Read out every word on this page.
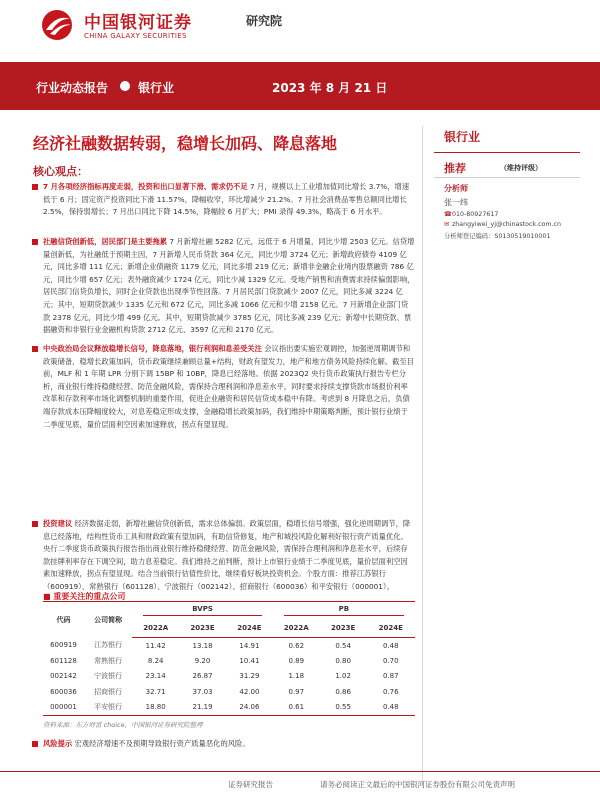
中国银河证券
CHINA GALAXY SECURITIES
研究院
行业动态报告 银行业	2023 年 8 月 21 日
经济社融数据转弱，稳增长加码、降息落地
核心观点：
7 月各项经济指标再度走弱，投资和出口显著下滑、需求仍不足 7 月，规模以上工业增加值同比增长 3.7%，增速低于 6 月；固定资产投资同比下滑 11.57%，降幅收窄，环比增减少 21.2%。7 月社会消费品零售总额同比增长 2.5%，保持弱增长；7 月出口同比下降 14.5%，降幅较 6 月扩大；PMI 录得 49.3%，略高于 6 月水平。
社融信贷创新低，居民部门是主要拖累 7 月新增社融 5282 亿元，远低于 6 月增量，同比少增 2503 亿元。信贷增量创新低，为社融低于预期主因，7 月新增人民币贷款 364 亿元，同比少增 3724 亿元；新增政府债券 4109 亿元，同比多增 111 亿元；新增企业债融资 1179 亿元，同比多增 219 亿元；新增非金融企业境内股票融资 786 亿元，同比少增 657 亿元；表外融资减少 1724 亿元，同比少减 1329 亿元。受地产销售和消费需求持续偏弱影响，居民部门信贷负增长，同时企业贷款也出现季节性回落。7 月居民部门贷款减少 2007 亿元，同比多减 3224 亿元；其中，短期贷款减少 1335 亿元和 672 亿元，同比多减 1066 亿元和少增 2158 亿元。7 月新增企业部门贷款 2378 亿元，同比少增 499 亿元。其中，短期贷款减少 3785 亿元，同比多减 239 亿元；新增中长期贷款、票据融资和非银行业金融机构贷款 2712 亿元、3597 亿元和 2170 亿元。
中央政治局会议释放稳增长信号，降息落地，银行利润和息差受关注 会议指出要实施宏观调控，加强逆周期调节和政策储备，稳增长政策加码，货币政策继续兼顾总量+结构，财政有望发力，地产和地方债务风险持续化解。截至目前，MLF 和 1 年期 LPR 分别下调 15BP 和 10BP，降息已经落地。依据 2023Q2 央行货币政策执行报告专栏分析，商业银行维持稳健经营、防范金融风险，需保持合理利润和净息差水平，同时要求持续支撑贷款市场报价利率改革和存款利率市场化调整机制的重要作用，促进企业融资和居民信贷成本稳中有降。考虑到 8 月降息之后，负债端存款成本压降幅度较大，对息差稳定形成支撑，金融稳增长政策加码，我们维持中期策略判断，预计银行业绩于二季度见底，量价层面利空因素加速释放，拐点有望显现。
投资建议 经济数据走弱，新增社融信贷创新低，需求总体偏弱。政策层面，稳增长信号增强，强化逆周期调节，降息已经落地，结构性货币工具和财政政策有望加码，有助信贷修复，地产和城投风险化解利好银行资产质量优化。央行二季度货币政策执行报告指出商业银行维持稳健经营、防范金融风险，需保持合理利润和净息差水平，后续存款挂牌利率存在下调空间，助力息差稳定。我们维持之前判断，预计上市银行业绩于二季度见底，量价层面利空因素加速释放，拐点有望显现。结合当前银行估值性价比，继续看好板块投资机会。个股方面：推荐江苏银行（600919）、常熟银行（601128）、宁波银行（002142）、招商银行（600036）和平安银行（000001）。
■ 重要关注的重点公司
代码	公司简称	BVPS			PB		
		2022A	2023E	2024E	2022A	2023E	2024E
600919	江苏银行	11.42	13.18	14.91	0.62	0.54	0.48
601128	常熟银行	8.24	9.20	10.41	0.89	0.80	0.70
002142	宁波银行	23.14	26.87	31.29	1.18	1.02	0.87
600036	招商银行	32.71	37.03	42.00	0.97	0.86	0.76
000001	平安银行	18.80	21.19	24.06	0.61	0.55	0.48
资料来源：东方财富 choice，中国银河证券研究院整理
风险提示 宏观经济增速不及预期导致银行资产质量恶化的风险。
银行业
推荐	（维持评级）
分析师
张一纬
☎010-80927617
✉ zhangyiwei_yj@chinastock.com.cn
分析师登记编码：S0130519010001
证券研究报告	请务必阅读正文最后的中国银河证券股份有限公司免责声明
